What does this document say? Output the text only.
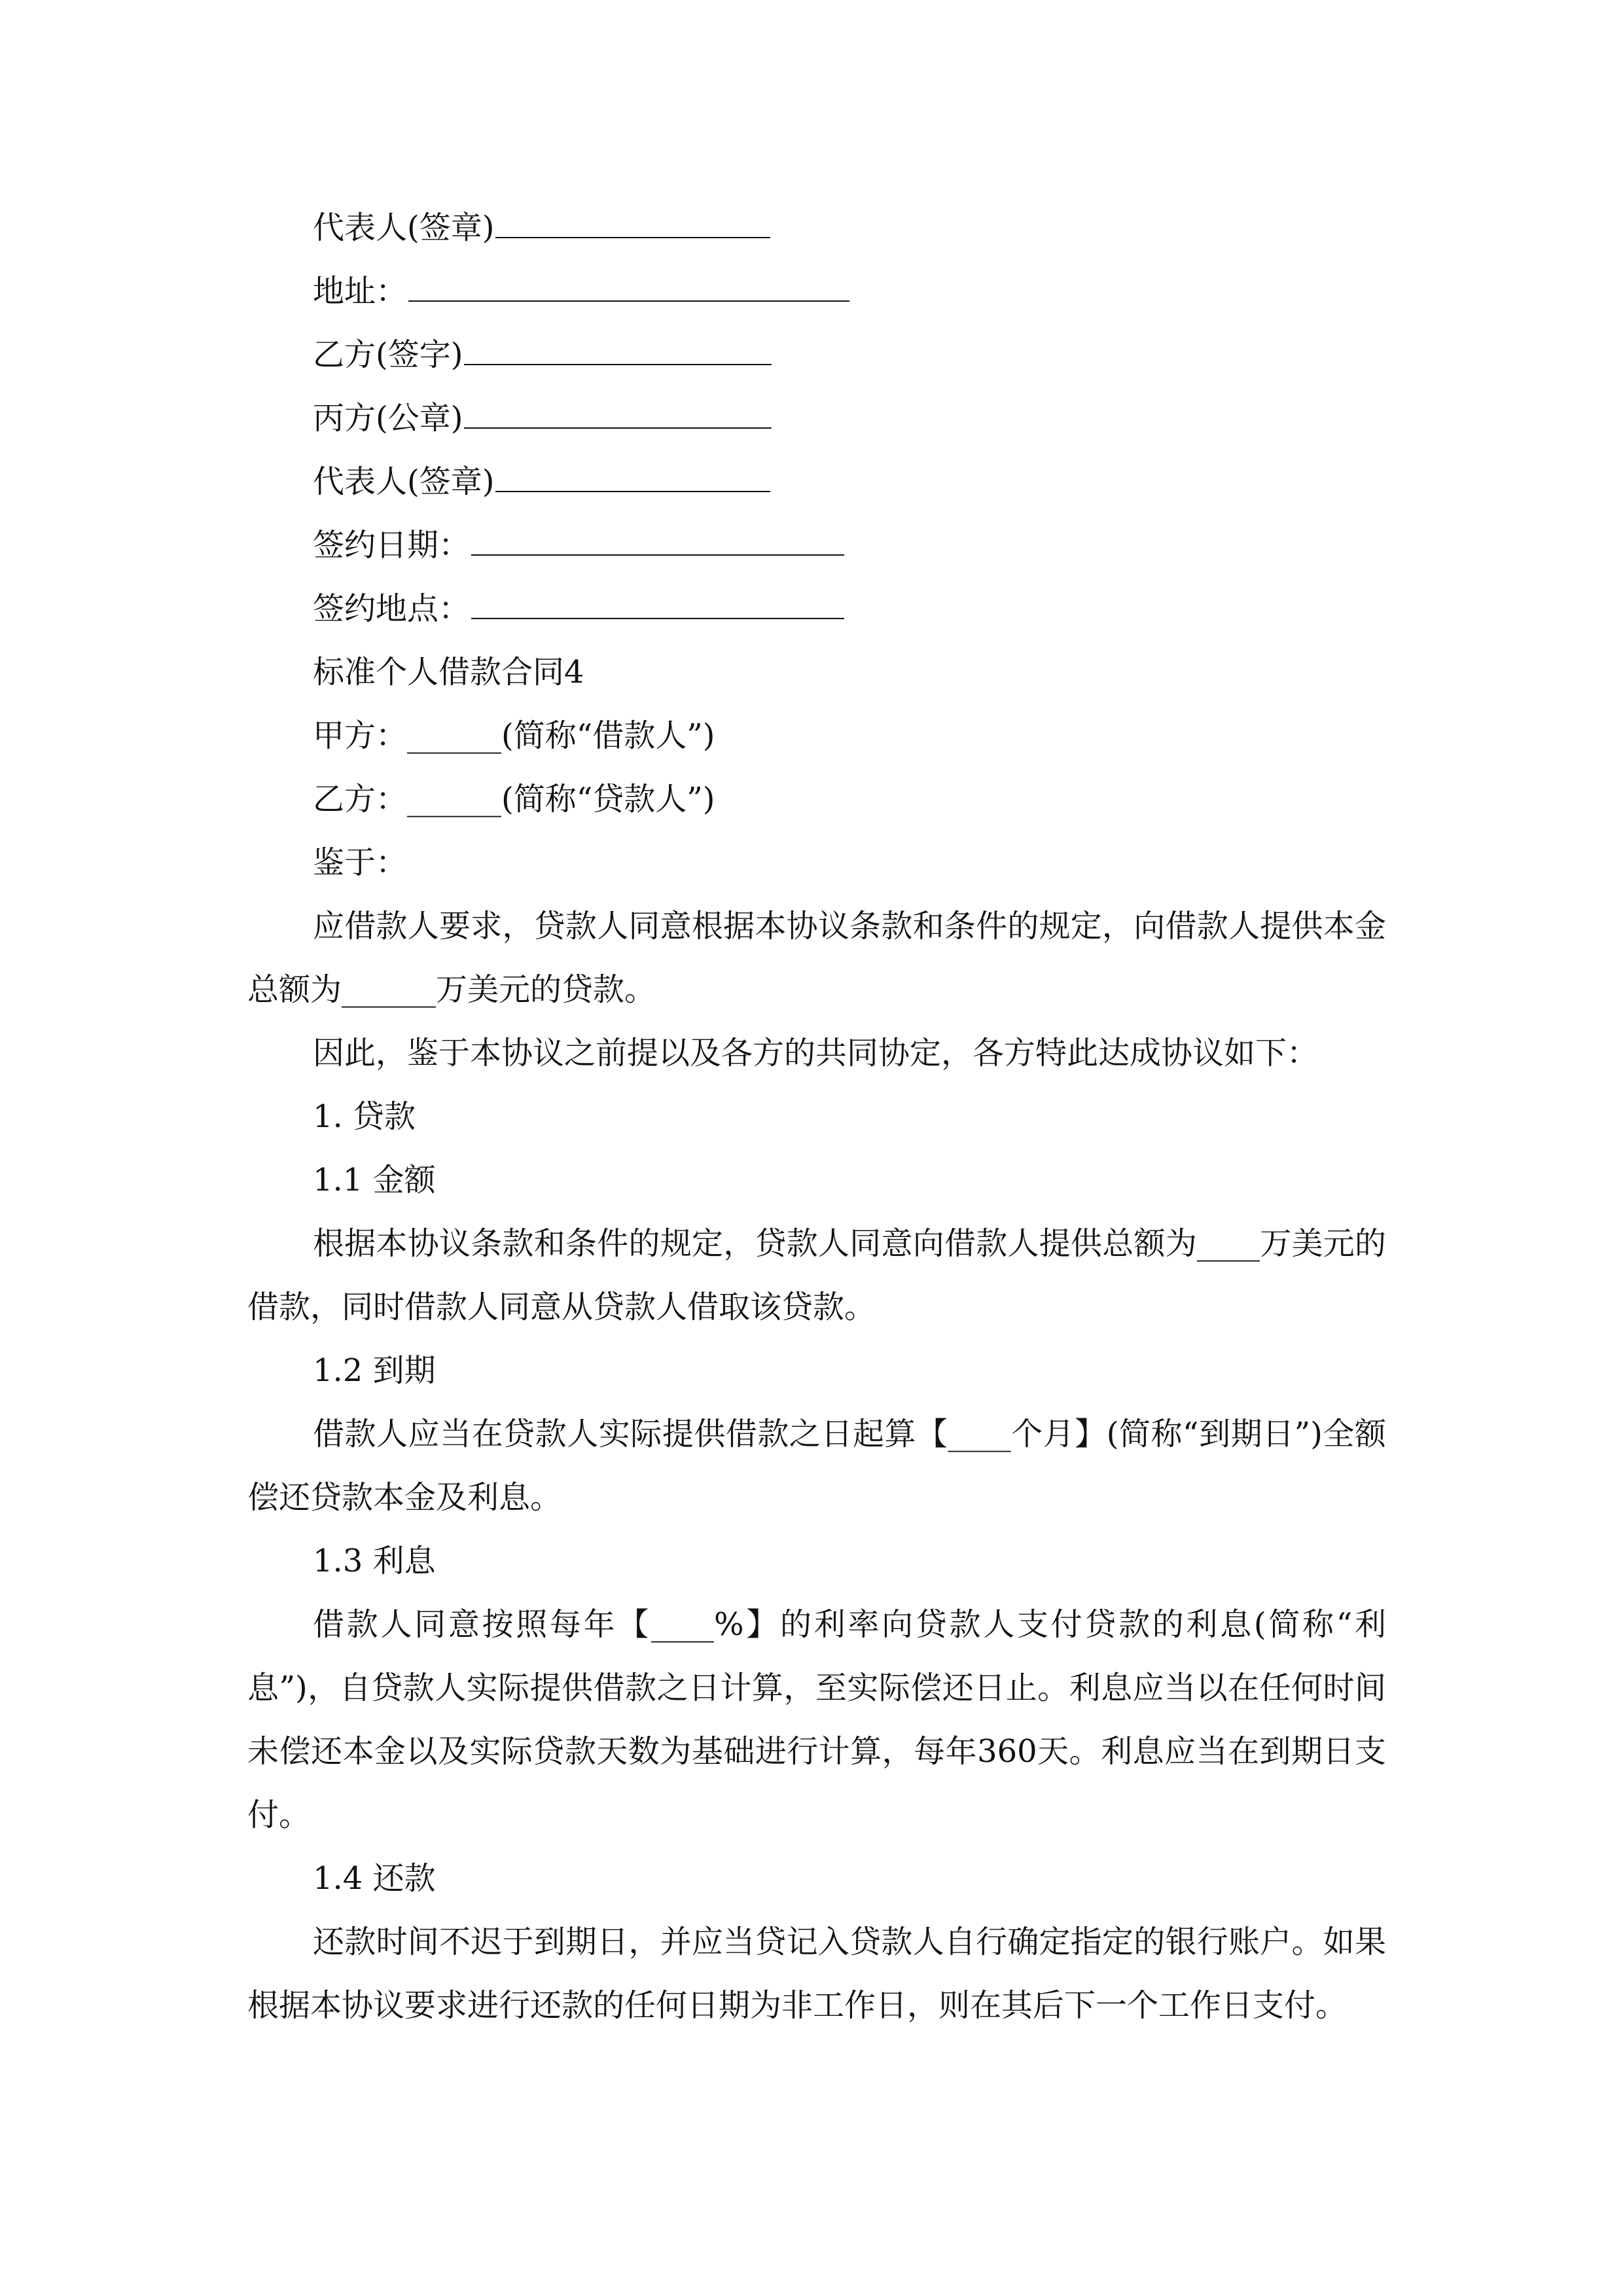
代表人(签章)
地址：
乙方(签字)
丙方(公章)
代表人(签章)
签约日期：
签约地点：
标准个人借款合同4
甲方：______(简称“借款人”)
乙方：______(简称“贷款人”)
鉴于：
应借款人要求，贷款人同意根据本协议条款和条件的规定，向借款人提供本金总额为______万美元的贷款。
因此，鉴于本协议之前提以及各方的共同协定，各方特此达成协议如下：
1. 贷款
1.1 金额
根据本协议条款和条件的规定，贷款人同意向借款人提供总额为____万美元的借款，同时借款人同意从贷款人借取该贷款。
1.2 到期
借款人应当在贷款人实际提供借款之日起算【____个月】(简称“到期日”)全额偿还贷款本金及利息。
1.3 利息
借款人同意按照每年【____%】的利率向贷款人支付贷款的利息(简称“利息”)，自贷款人实际提供借款之日计算，至实际偿还日止。利息应当以在任何时间未偿还本金以及实际贷款天数为基础进行计算，每年360天。利息应当在到期日支付。
1.4 还款
还款时间不迟于到期日，并应当贷记入贷款人自行确定指定的银行账户。如果根据本协议要求进行还款的任何日期为非工作日，则在其后下一个工作日支付。
